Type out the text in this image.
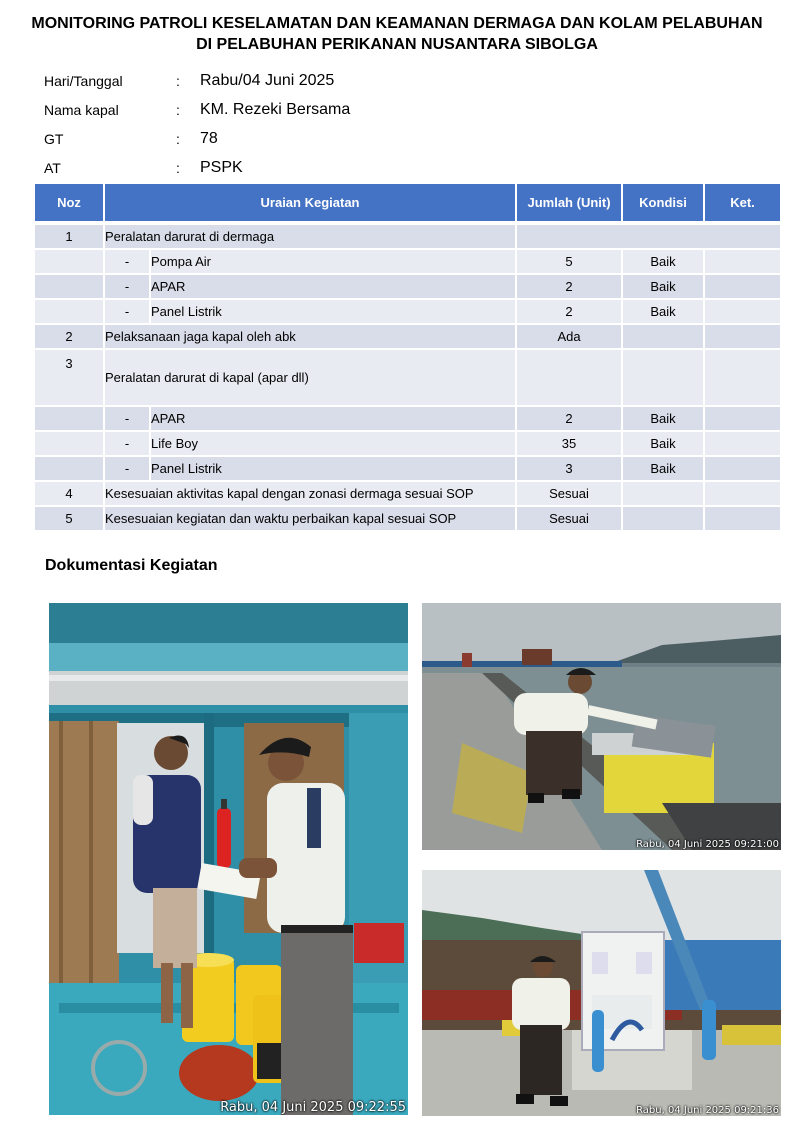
MONITORING PATROLI KESELAMATAN DAN KEAMANAN DERMAGA DAN KOLAM PELABUHAN
DI PELABUHAN PERIKANAN NUSANTARA SIBOLGA
Hari/Tanggal	:	Rabu/04 Juni 2025
Nama kapal	:	KM. Rezeki Bersama
GT	:	78
AT	:	PSPK
Noz	Uraian Kegiatan		Jumlah (Unit)	Kondisi	Ket.

1	Peralatan darurat di dermaga				
	-	Pompa Air	5	Baik	
	-	APAR	2	Baik	
	-	Panel Listrik	2	Baik	
2	Pelaksanaan jaga kapal oleh abk		Ada		
3	Peralatan darurat di kapal (apar dll)				
	-	APAR	2	Baik	
	-	Life Boy	35	Baik	
	-	Panel Listrik	3	Baik	
4	Kesesuaian aktivitas kapal dengan zonasi dermaga sesuai SOP		Sesuai		
5	Kesesuaian kegiatan dan waktu perbaikan kapal sesuai SOP		Sesuai		
Dokumentasi Kegiatan
Rabu, 04 Juni 2025 09:22:55
Rabu, 04 Juni 2025 09:21:00
Rabu, 04 Juni 2025 09:21:36
